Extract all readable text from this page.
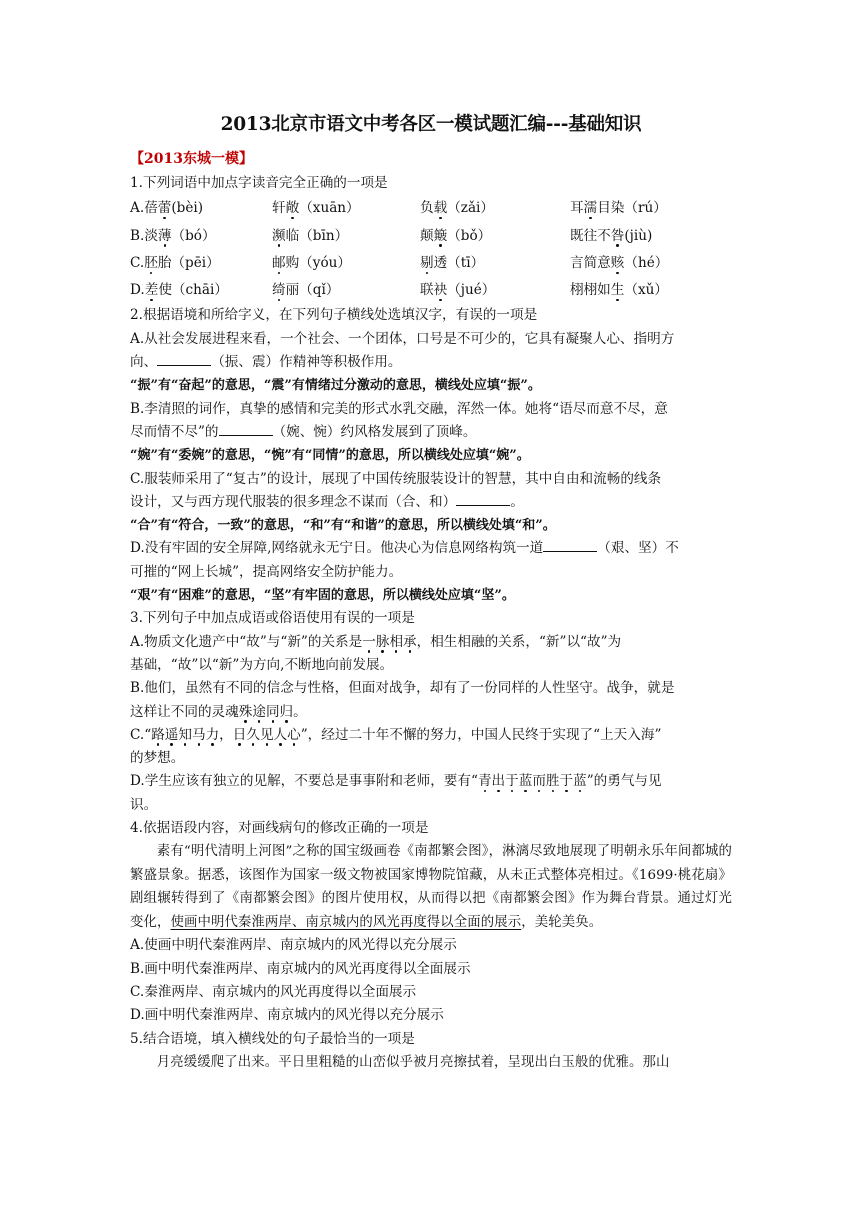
2013北京市语文中考各区一模试题汇编---基础知识
【2013东城一模】
1.下列词语中加点字读音完全正确的一项是
A.蓓蕾(bèi)	轩敞（xuān）	负载（zǎi）	耳濡目染（rú）
B.淡薄（bó）	濒临（bīn）	颠簸（bǒ）	既往不咎(jiù)
C.胚胎（pēi）	邮购（yóu）	剔透（tī）	言简意赅（hé）
D.差使（chāi）	绮丽（qǐ）	联袂（jué）	栩栩如生（xǔ）
2.根据语境和所给字义，在下列句子横线处选填汉字，有误的一项是
A.从社会发展进程来看，一个社会、一个团体，口号是不可少的，它具有凝聚人心、指明方
向、	（振、震）作精神等积极作用。
“振”有“奋起”的意思，“震”有情绪过分激动的意思，横线处应填“振”。
B.李清照的词作，真挚的感情和完美的形式水乳交融，浑然一体。她将“语尽而意不尽，意
尽而情不尽”的	（婉、惋）约风格发展到了顶峰。
“婉”有“委婉”的意思，“惋”有“同情”的意思，所以横线处应填“婉”。
C.服装师采用了“复古”的设计，展现了中国传统服装设计的智慧，其中自由和流畅的线条
设计，又与西方现代服装的很多理念不谋而（合、和）	。
“合”有“符合，一致”的意思，“和”有“和谐”的意思，所以横线处填“和”。
D.没有牢固的安全屏障,网络就永无宁日。他决心为信息网络构筑一道	（艰、坚）不
可摧的“网上长城”，提高网络安全防护能力。
“艰”有“困难”的意思，“坚”有牢固的意思，所以横线处应填“坚”。
3.下列句子中加点成语或俗语使用有误的一项是
A.物质文化遗产中“故”与“新”的关系是一脉相承，相生相融的关系，“新”以“故”为
基础，“故”以“新”为方向,不断地向前发展。
B.他们，虽然有不同的信念与性格，但面对战争，却有了一份同样的人性坚守。战争，就是
这样让不同的灵魂殊途同归。
C.“路遥知马力，日久见人心”，经过二十年不懈的努力，中国人民终于实现了“上天入海”
的梦想。
D.学生应该有独立的见解，不要总是事事附和老师，要有“青出于蓝而胜于蓝”的勇气与见
识。
4.依据语段内容，对画线病句的修改正确的一项是
素有“明代清明上河图”之称的国宝级画卷《南都繁会图》，淋漓尽致地展现了明朝永乐年间都城的繁盛景象。据悉，该图作为国家一级文物被国家博物院馆藏，从未正式整体亮相过。《1699·桃花扇》剧组辗转得到了《南都繁会图》的图片使用权，从而得以把《南都繁会图》作为舞台背景。通过灯光变化，使画中明代秦淮两岸、南京城内的风光再度得以全面的展示，美轮美奂。
A.使画中明代秦淮两岸、南京城内的风光得以充分展示
B.画中明代秦淮两岸、南京城内的风光再度得以全面展示
C.秦淮两岸、南京城内的风光再度得以全面展示
D.画中明代秦淮两岸、南京城内的风光得以充分展示
5.结合语境，填入横线处的句子最恰当的一项是
月亮缓缓爬了出来。平日里粗糙的山峦似乎被月亮擦拭着，呈现出白玉般的优雅。那山
